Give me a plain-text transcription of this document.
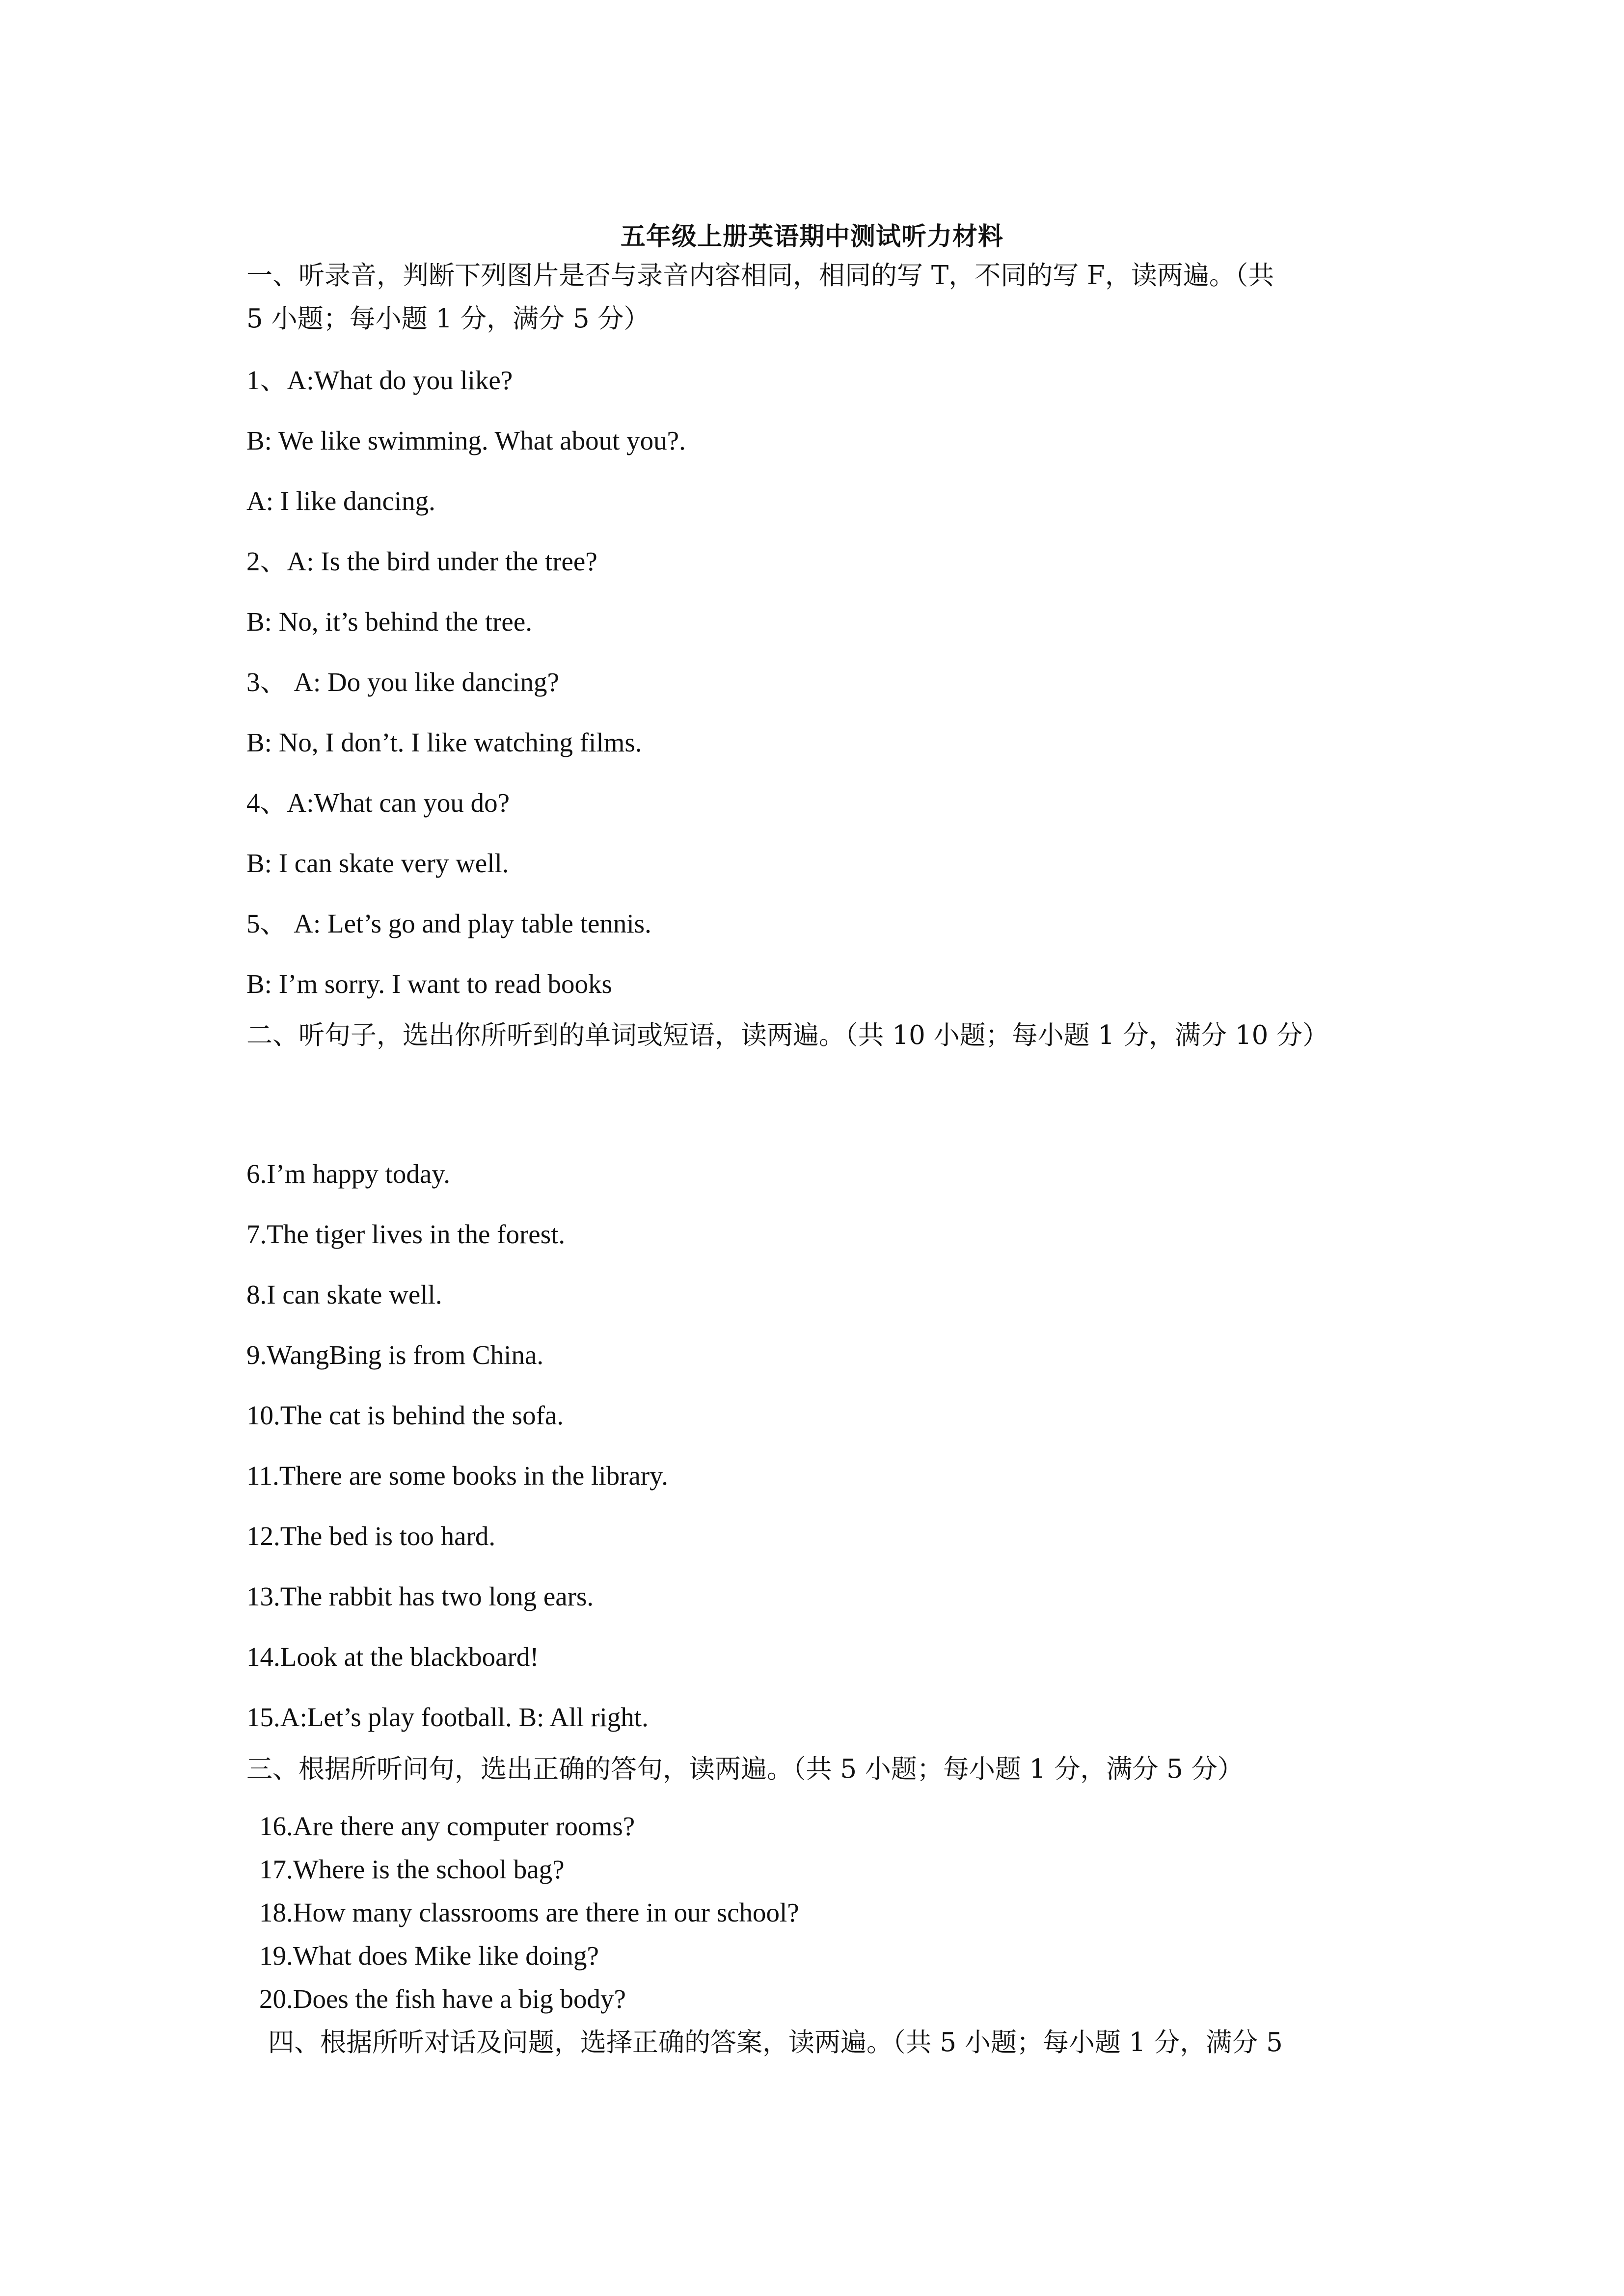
五年级上册英语期中测试听力材料
一、听录音，判断下列图片是否与录音内容相同，相同的写 T，不同的写 F，读两遍。（共
5 小题；每小题 1 分，满分 5 分）
1、A:What do you like?
B: We like swimming. What about you?.
A: I like dancing.
2、A: Is the bird under the tree?
B: No, it’s behind the tree.
3、 A: Do you like dancing?
B: No, I don’t. I like watching films.
4、A:What can you do?
B: I can skate very well.
5、 A: Let’s go and play table tennis.
B: I’m sorry. I want to read books
二、听句子，选出你所听到的单词或短语，读两遍。（共 10 小题；每小题 1 分，满分 10 分）
6.I’m happy today.
7.The tiger lives in the forest.
8.I can skate well.
9.WangBing is from China.
10.The cat is behind the sofa.
11.There are some books in the library.
12.The bed is too hard.
13.The rabbit has two long ears.
14.Look at the blackboard!
15.A:Let’s play football. B: All right.
三、根据所听问句，选出正确的答句，读两遍。（共 5 小题；每小题 1 分，满分 5 分）
16.Are there any computer rooms?
17.Where is the school bag?
18.How many classrooms are there in our school?
19.What does Mike like doing?
20.Does the fish have a big body?
四、根据所听对话及问题，选择正确的答案，读两遍。（共 5 小题；每小题 1 分，满分 5
